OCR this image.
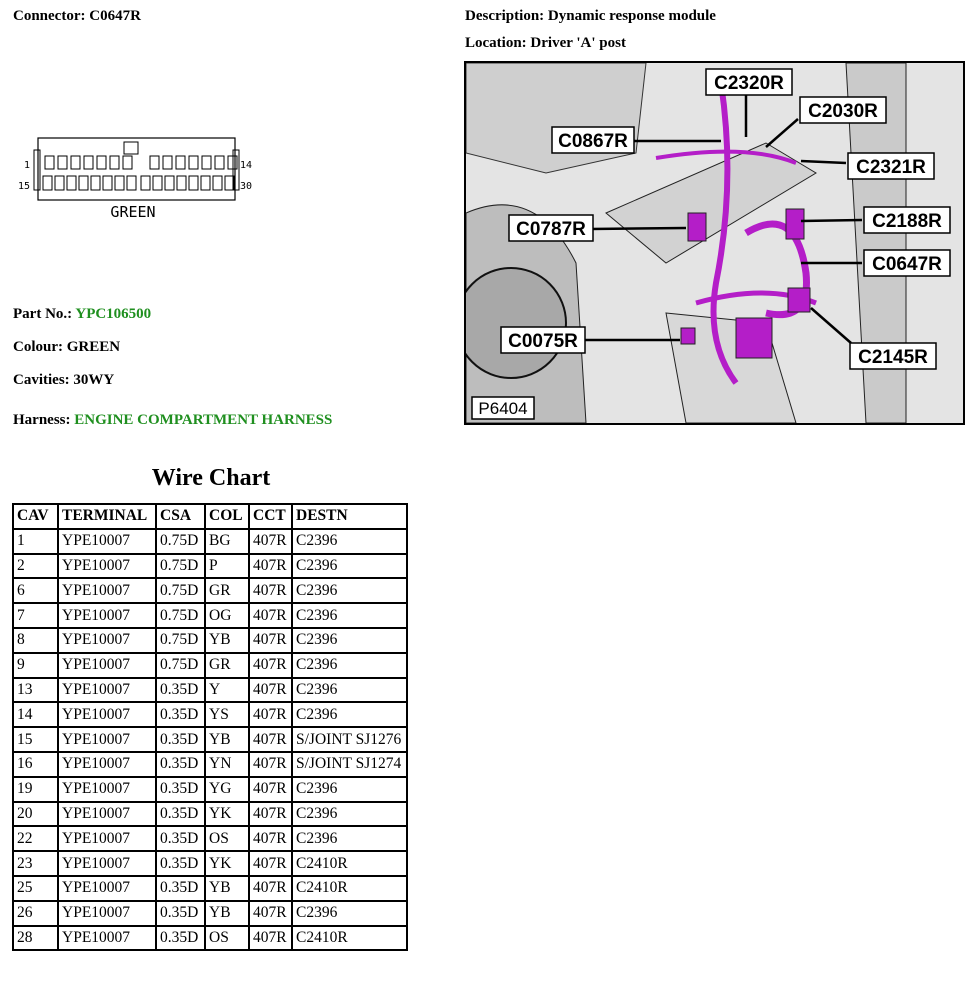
Connector: C0647R	Description: Dynamic response module
Location: Driver 'A' post
1
15
14
30
GREEN
C2320R
C2030R
C0867R
C2321R
C0787R	C2188R
C0647R
C0075R
C2145R
P6404
Part No.: YPC106500
Colour: GREEN
Cavities: 30WY
Harness: ENGINE COMPARTMENT HARNESS
Wire Chart
CAV	TERMINAL	CSA	COL	CCT	DESTN
1	YPE10007	0.75D	BG	407R	C2396
2	YPE10007	0.75D	P	407R	C2396
6	YPE10007	0.75D	GR	407R	C2396
7	YPE10007	0.75D	OG	407R	C2396
8	YPE10007	0.75D	YB	407R	C2396
9	YPE10007	0.75D	GR	407R	C2396
13	YPE10007	0.35D	Y	407R	C2396
14	YPE10007	0.35D	YS	407R	C2396
15	YPE10007	0.35D	YB	407R	S/JOINT SJ1276
16	YPE10007	0.35D	YN	407R	S/JOINT SJ1274
19	YPE10007	0.35D	YG	407R	C2396
20	YPE10007	0.35D	YK	407R	C2396
22	YPE10007	0.35D	OS	407R	C2396
23	YPE10007	0.35D	YK	407R	C2410R
25	YPE10007	0.35D	YB	407R	C2410R
26	YPE10007	0.35D	YB	407R	C2396
28	YPE10007	0.35D	OS	407R	C2410R
